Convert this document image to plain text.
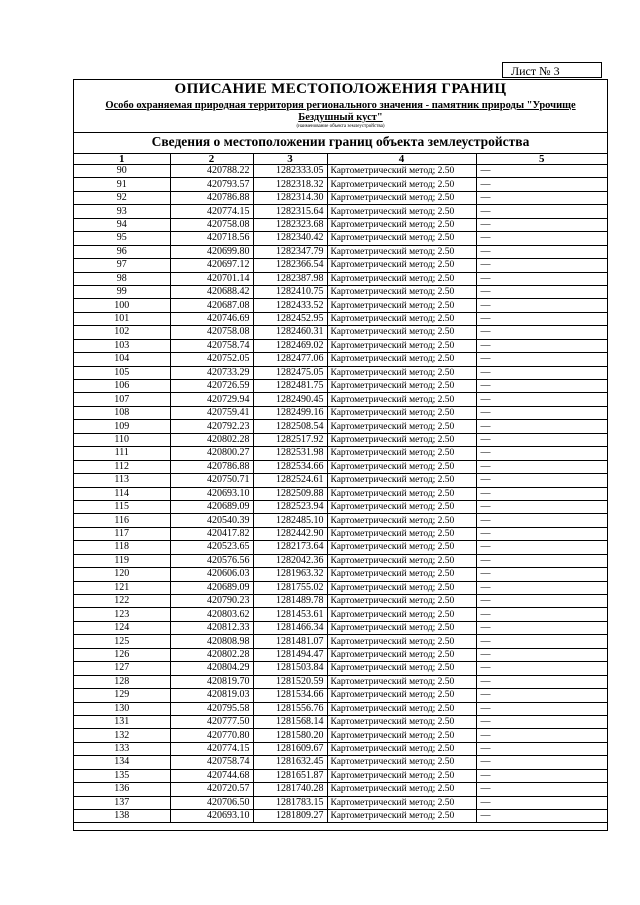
Лист № 3
ОПИСАНИЕ МЕСТОПОЛОЖЕНИЯ ГРАНИЦ
Особо охраняемая природная территория регионального значения - памятник природы "Урочище Бездушный куст"
(наименование объекта землеустройства)
Сведения о местоположении границ объекта землеустройства
1	2	3	4	5
90	420788.22	1282333.05	Картометрический метод; 2.50	—
91	420793.57	1282318.32	Картометрический метод; 2.50	—
92	420786.88	1282314.30	Картометрический метод; 2.50	—
93	420774.15	1282315.64	Картометрический метод; 2.50	—
94	420758.08	1282323.68	Картометрический метод; 2.50	—
95	420718.56	1282340.42	Картометрический метод; 2.50	—
96	420699.80	1282347.79	Картометрический метод; 2.50	—
97	420697.12	1282366.54	Картометрический метод; 2.50	—
98	420701.14	1282387.98	Картометрический метод; 2.50	—
99	420688.42	1282410.75	Картометрический метод; 2.50	—
100	420687.08	1282433.52	Картометрический метод; 2.50	—
101	420746.69	1282452.95	Картометрический метод; 2.50	—
102	420758.08	1282460.31	Картометрический метод; 2.50	—
103	420758.74	1282469.02	Картометрический метод; 2.50	—
104	420752.05	1282477.06	Картометрический метод; 2.50	—
105	420733.29	1282475.05	Картометрический метод; 2.50	—
106	420726.59	1282481.75	Картометрический метод; 2.50	—
107	420729.94	1282490.45	Картометрический метод; 2.50	—
108	420759.41	1282499.16	Картометрический метод; 2.50	—
109	420792.23	1282508.54	Картометрический метод; 2.50	—
110	420802.28	1282517.92	Картометрический метод; 2.50	—
111	420800.27	1282531.98	Картометрический метод; 2.50	—
112	420786.88	1282534.66	Картометрический метод; 2.50	—
113	420750.71	1282524.61	Картометрический метод; 2.50	—
114	420693.10	1282509.88	Картометрический метод; 2.50	—
115	420689.09	1282523.94	Картометрический метод; 2.50	—
116	420540.39	1282485.10	Картометрический метод; 2.50	—
117	420417.82	1282442.90	Картометрический метод; 2.50	—
118	420523.65	1282173.64	Картометрический метод; 2.50	—
119	420576.56	1282042.36	Картометрический метод; 2.50	—
120	420606.03	1281963.32	Картометрический метод; 2.50	—
121	420689.09	1281755.02	Картометрический метод; 2.50	—
122	420790.23	1281489.78	Картометрический метод; 2.50	—
123	420803.62	1281453.61	Картометрический метод; 2.50	—
124	420812.33	1281466.34	Картометрический метод; 2.50	—
125	420808.98	1281481.07	Картометрический метод; 2.50	—
126	420802.28	1281494.47	Картометрический метод; 2.50	—
127	420804.29	1281503.84	Картометрический метод; 2.50	—
128	420819.70	1281520.59	Картометрический метод; 2.50	—
129	420819.03	1281534.66	Картометрический метод; 2.50	—
130	420795.58	1281556.76	Картометрический метод; 2.50	—
131	420777.50	1281568.14	Картометрический метод; 2.50	—
132	420770.80	1281580.20	Картометрический метод; 2.50	—
133	420774.15	1281609.67	Картометрический метод; 2.50	—
134	420758.74	1281632.45	Картометрический метод; 2.50	—
135	420744.68	1281651.87	Картометрический метод; 2.50	—
136	420720.57	1281740.28	Картометрический метод; 2.50	—
137	420706.50	1281783.15	Картометрический метод; 2.50	—
138	420693.10	1281809.27	Картометрический метод; 2.50	—
